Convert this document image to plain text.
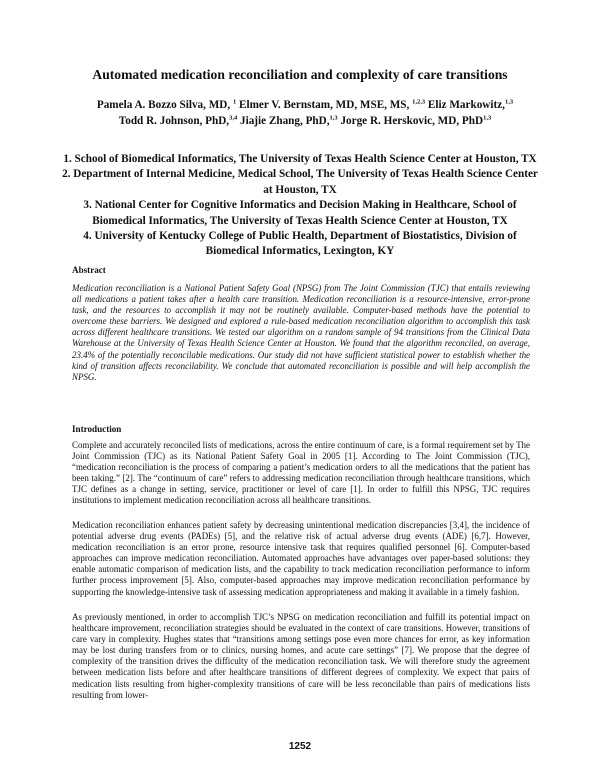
Automated medication reconciliation and complexity of care transitions
Pamela A. Bozzo Silva, MD, $^1$ Elmer V. Bernstam, MD, MSE, MS, $^{1,2,3}$ Eliz Markowitz,$^{1,3}$ Todd R. Johnson, PhD,$^{3,4}$ Jiajie Zhang, PhD,$^{1,3}$ Jorge R. Herskovic, MD, PhD$^{1,3}$

1. School of Biomedical Informatics, The University of Texas Health Science Center at Houston, TX

2. Department of Internal Medicine, Medical School, The University of Texas Health Science Center at Houston, TX

3. National Center for Cognitive Informatics and Decision Making in Healthcare, School of Biomedical Informatics, The University of Texas Health Science Center at Houston, TX

4. University of Kentucky College of Public Health, Department of Biostatistics, Division of Biomedical Informatics, Lexington, KY

Abstract
Medication reconciliation is a National Patient Safety Goal (NPSG) from The Joint Commission (TJC) that entails reviewing all medications a patient takes after a health care transition. Medication reconciliation is a resource-intensive, error-prone task, and the resources to accomplish it may not be routinely available. Computer-based methods have the potential to overcome these barriers. We designed and explored a rule-based medication reconciliation algorithm to accomplish this task across different healthcare transitions. We tested our algorithm on a random sample of 94 transitions from the Clinical Data Warehouse at the University of Texas Health Science Center at Houston. We found that the algorithm reconciled, on average, 23.4% of the potentially reconcilable medications. Our study did not have sufficient statistical power to establish whether the kind of transition affects reconcilability. We conclude that automated reconciliation is possible and will help accomplish the NPSG.
Introduction
Complete and accurately reconciled lists of medications, across the entire continuum of care, is a formal requirement set by The Joint Commission (TJC) as its National Patient Safety Goal in 2005 [1]. According to The Joint Commission (TJC), “medication reconciliation is the process of comparing a patient’s medication orders to all the medications that the patient has been taking.” [2]. The “continuum of care” refers to addressing medication reconciliation through healthcare transitions, which TJC defines as a change in setting, service, practitioner or level of care [1]. In order to fulfill this NPSG, TJC requires institutions to implement medication reconciliation across all healthcare transitions.
Medication reconciliation enhances patient safety by decreasing unintentional medication discrepancies [3,4], the incidence of potential adverse drug events (PADEs) [5], and the relative risk of actual adverse drug events (ADE) [6,7]. However, medication reconciliation is an error prone, resource intensive task that requires qualified personnel [6]. Computer-based approaches can improve medication reconciliation. Automated approaches have advantages over paper-based solutions: they enable automatic comparison of medication lists, and the capability to track medication reconciliation performance to inform further process improvement [5]. Also, computer-based approaches may improve medication reconciliation performance by supporting the knowledge-intensive task of assessing medication appropriateness and making it available in a timely fashion.
As previously mentioned, in order to accomplish TJC’s NPSG on medication reconciliation and fulfill its potential impact on healthcare improvement, reconciliation strategies should be evaluated in the context of care transitions. However, transitions of care vary in complexity. Hughes states that “transitions among settings pose even more chances for error, as key information may be lost during transfers from or to clinics, nursing homes, and acute care settings” [7]. We propose that the degree of complexity of the transition drives the difficulty of the medication reconciliation task. We will therefore study the agreement between medication lists before and after healthcare transitions of different degrees of complexity. We expect that pairs of medication lists resulting from higher-complexity transitions of care will be less reconcilable than pairs of medications lists resulting from lower-
1252
